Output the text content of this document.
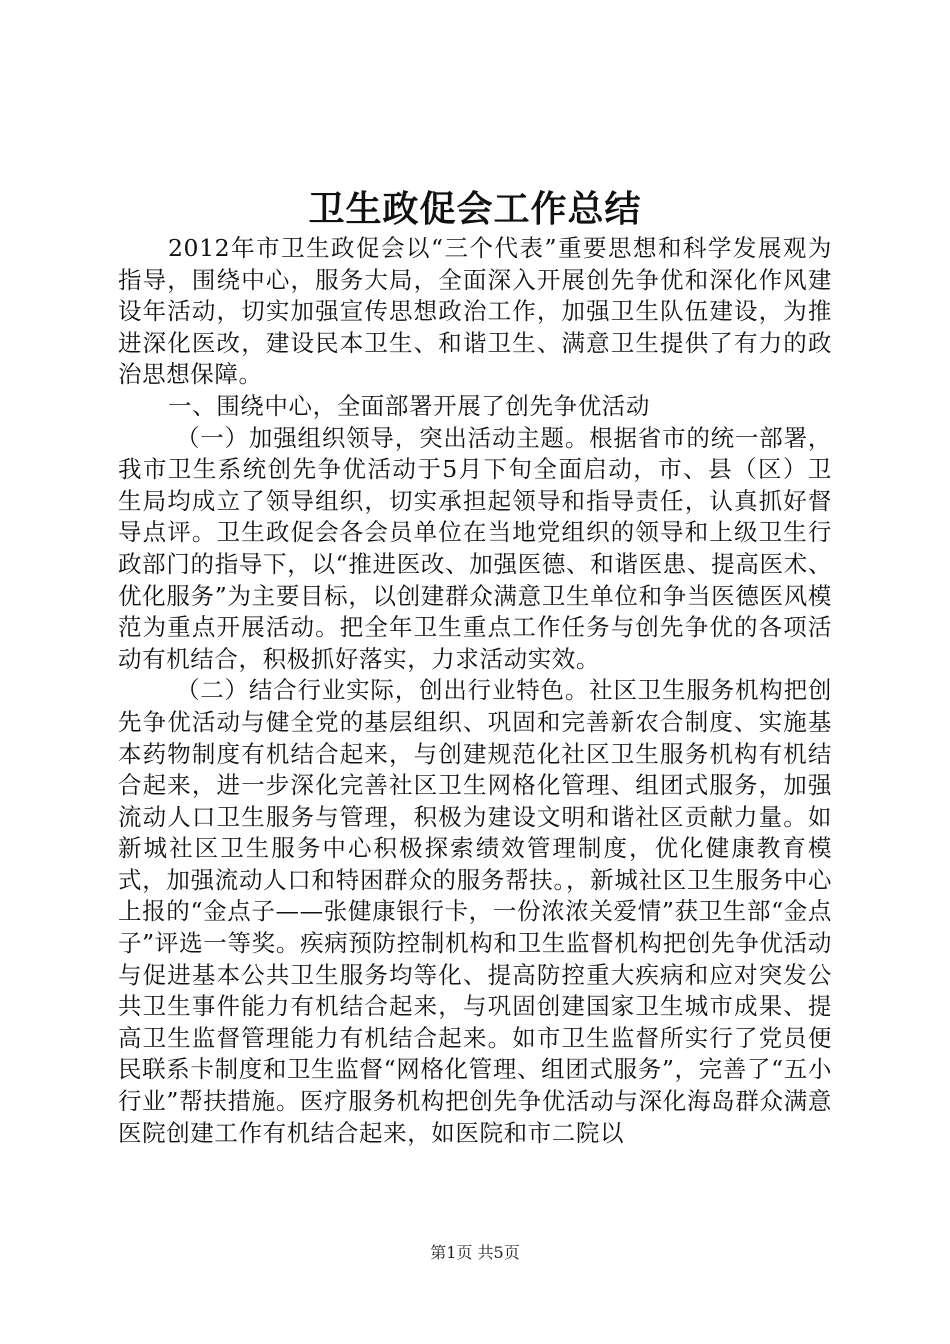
卫生政促会工作总结

2012年市卫生政促会以“三个代表”重要思想和科学发展观为指导，围绕中心，服务大局，全面深入开展创先争优和深化作风建设年活动，切实加强宣传思想政治工作，加强卫生队伍建设，为推进深化医改，建设民本卫生、和谐卫生、满意卫生提供了有力的政治思想保障。

一、围绕中心，全面部署开展了创先争优活动

（一）加强组织领导，突出活动主题。根据省市的统一部署，我市卫生系统创先争优活动于5月下旬全面启动，市、县（区）卫生局均成立了领导组织，切实承担起领导和指导责任，认真抓好督导点评。卫生政促会各会员单位在当地党组织的领导和上级卫生行政部门的指导下，以“推进医改、加强医德、和谐医患、提高医术、优化服务”为主要目标，以创建群众满意卫生单位和争当医德医风模范为重点开展活动。把全年卫生重点工作任务与创先争优的各项活动有机结合，积极抓好落实，力求活动实效。

（二）结合行业实际，创出行业特色。社区卫生服务机构把创先争优活动与健全党的基层组织、巩固和完善新农合制度、实施基本药物制度有机结合起来，与创建规范化社区卫生服务机构有机结合起来，进一步深化完善社区卫生网格化管理、组团式服务，加强流动人口卫生服务与管理，积极为建设文明和谐社区贡献力量。如新城社区卫生服务中心积极探索绩效管理制度，优化健康教育模式，加强流动人口和特困群众的服务帮扶。，新城社区卫生服务中心上报的“金点子——张健康银行卡，一份浓浓关爱情”获卫生部“金点子”评选一等奖。疾病预防控制机构和卫生监督机构把创先争优活动与促进基本公共卫生服务均等化、提高防控重大疾病和应对突发公共卫生事件能力有机结合起来，与巩固创建国家卫生城市成果、提高卫生监督管理能力有机结合起来。如市卫生监督所实行了党员便民联系卡制度和卫生监督“网格化管理、组团式服务”，完善了“五小行业”帮扶措施。医疗服务机构把创先争优活动与深化海岛群众满意医院创建工作有机结合起来，如医院和市二院以

第1页 共5页
